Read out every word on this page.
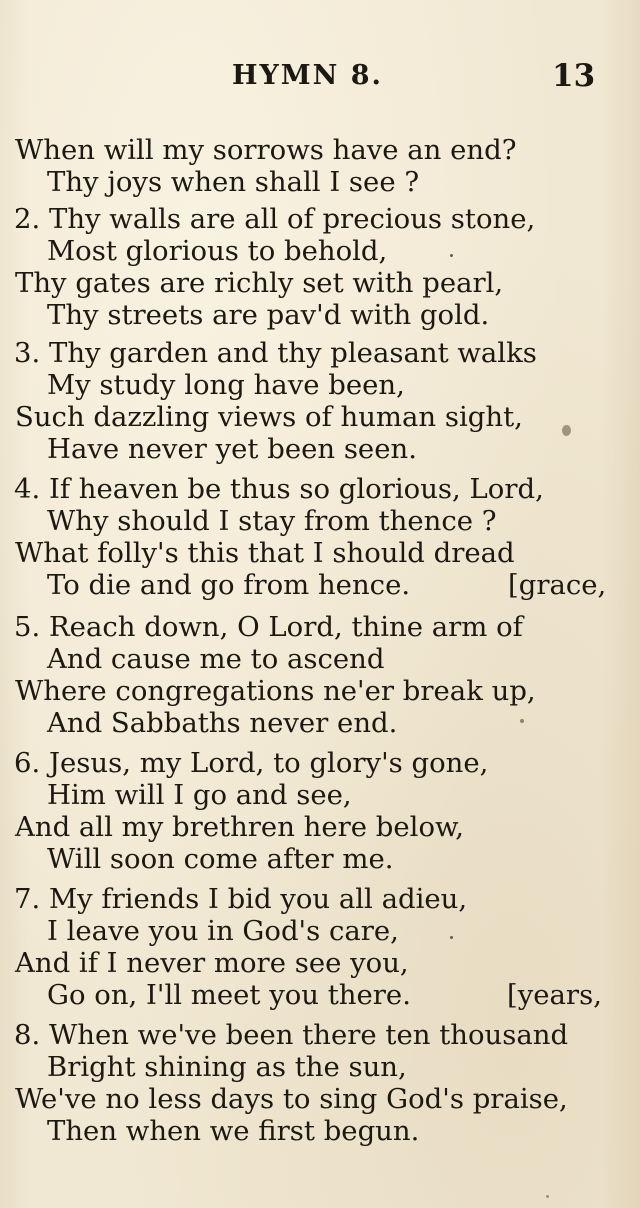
HYMN 8.	13
When will my sorrows have an end?
Thy joys when shall I see ?
2. Thy walls are all of precious stone,
Most glorious to behold,
Thy gates are richly set with pearl,
Thy streets are pav'd with gold.
3. Thy garden and thy pleasant walks
My study long have been,
Such dazzling views of human sight,
Have never yet been seen.
4. If heaven be thus so glorious, Lord,
Why should I stay from thence ?
What folly's this that I should dread
To die and go from hence.	[grace,
5. Reach down, O Lord, thine arm of
And cause me to ascend
Where congregations ne'er break up,
And Sabbaths never end.
6. Jesus, my Lord, to glory's gone,
Him will I go and see,
And all my brethren here below,
Will soon come after me.
7. My friends I bid you all adieu,
I leave you in God's care,
And if I never more see you,
Go on, I'll meet you there.	[years,
8. When we've been there ten thousand
Bright shining as the sun,
We've no less days to sing God's praise,
Then when we first begun.
